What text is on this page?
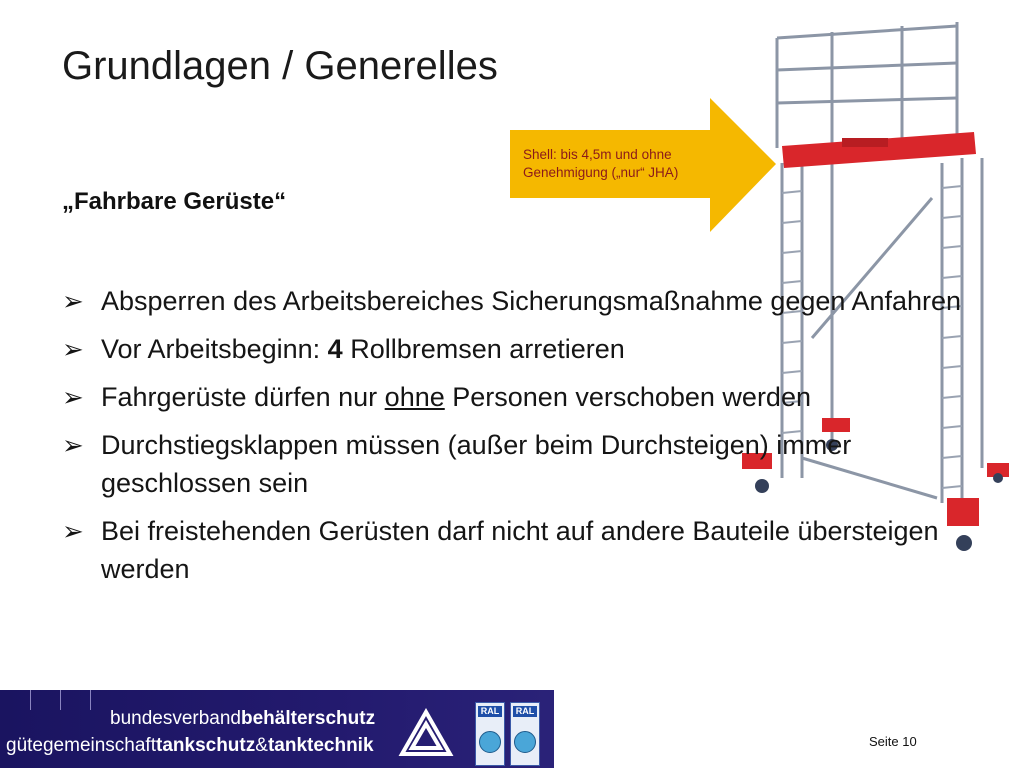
Grundlagen / Generelles
Shell: bis 4,5m und ohne
Genehmigung („nur“ JHA)
„Fahrbare Gerüste“
➢ Absperren des Arbeitsbereiches Sicherungsmaßnahme gegen Anfahren
➢ Vor Arbeitsbeginn: 4 Rollbremsen arretieren
➢ Fahrgerüste dürfen nur ohne Personen verschoben werden
➢ Durchstiegsklappen müssen (außer beim Durchsteigen) immer geschlossen sein
➢ Bei freistehenden Gerüsten darf nicht auf andere Bauteile übersteigen werden
bundesverbandbehälterschutz
gütegemeinschafttankschutz&tanktechnik
RAL	RAL
Seite 10
